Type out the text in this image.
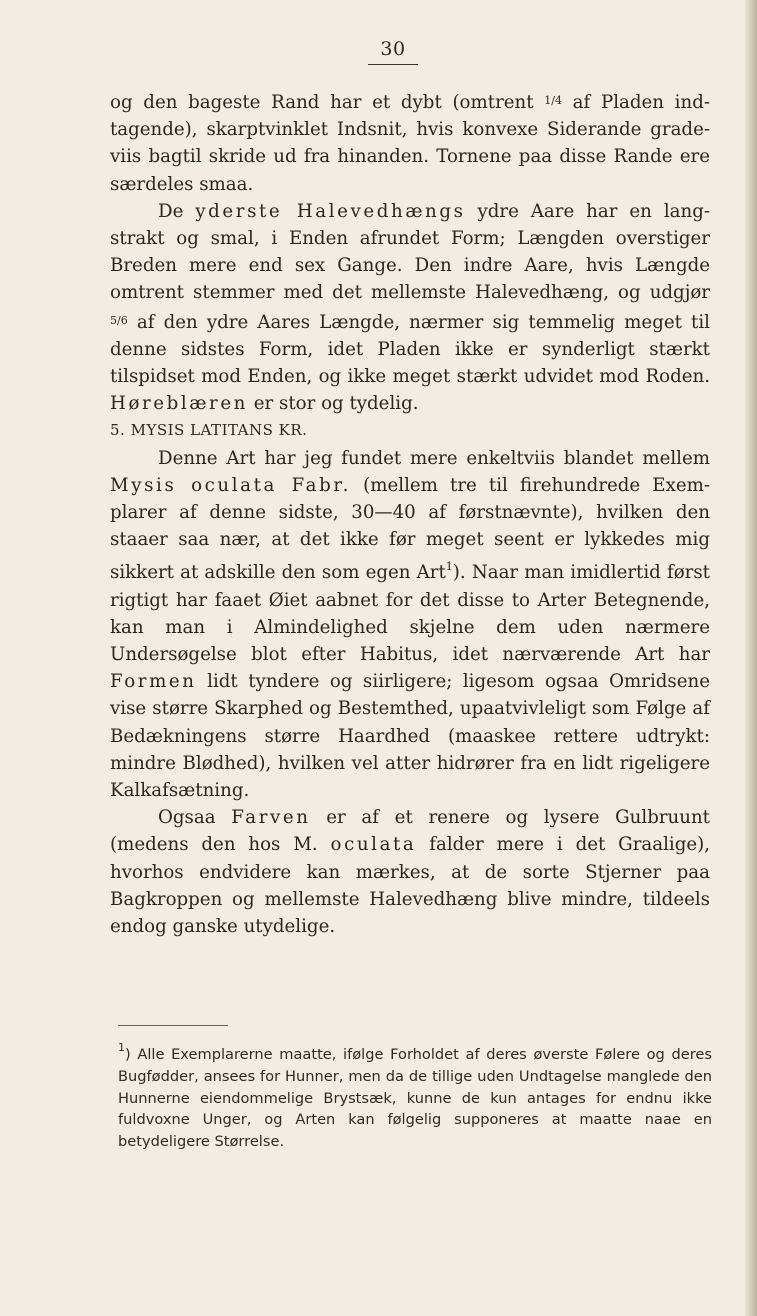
30

og den bageste Rand har et dybt (omtrent $^{1/4}$ af Pladen indtagende), skarptvinklet Indsnit, hvis konvexe Siderande gradeviis bagtil skride ud fra hinanden. Tornene paa disse Rande ere særdeles smaa.

De yderste Halevedhængs ydre Aare har en langstrakt og smal, i Enden afrundet Form; Længden overstiger Breden mere end sex Gange. Den indre Aare, hvis Længde omtrent stemmer med det mellemste Halevedhæng, og udgjør $^{5/6}$ af den ydre Aares Længde, nærmer sig temmelig meget til denne sidstes Form, idet Pladen ikke er synderligt stærkt tilspidset mod Enden, og ikke meget stærkt udvidet mod Roden. Høreblæren er stor og tydelig.

5. MYSIS LATITANS KR.

Denne Art har jeg fundet mere enkeltviis blandet mellem Mysis oculata Fabr. (mellem tre til firehundrede Exemplarer af denne sidste, 30—40 af førstnævnte), hvilken den staaer saa nær, at det ikke før meget seent er lykkedes mig sikkert at adskille den som egen Art$^1$). Naar man imidlertid først rigtigt har faaet Øiet aabnet for det disse to Arter Betegnende, kan man i Almindelighed skjelne dem uden nærmere Undersøgelse blot efter Habitus, idet nærværende Art har Formen lidt tyndere og siirligere; ligesom ogsaa Omridsene vise større Skarphed og Bestemthed, upaatvivleligt som Følge af Bedækningens større Haardhed (maaskee rettere udtrykt: mindre Blødhed), hvilken vel atter hidrører fra en lidt rigeligere Kalkafsætning.

Ogsaa Farven er af et renere og lysere Gulbruunt (medens den hos M. oculata falder mere i det Graalige), hvorhos endvidere kan mærkes, at de sorte Stjerner paa Bagkroppen og mellemste Halevedhæng blive mindre, tildeels endog ganske utydelige.

$^1$) Alle Exemplarerne maatte, ifølge Forholdet af deres øverste Følere og deres Bugfødder, ansees for Hunner, men da de tillige uden Undtagelse manglede den Hunnerne eiendommelige Brystsæk, kunne de kun antages for endnu ikke fuldvoxne Unger, og Arten kan følgelig supponeres at maatte naae en betydeligere Størrelse.
